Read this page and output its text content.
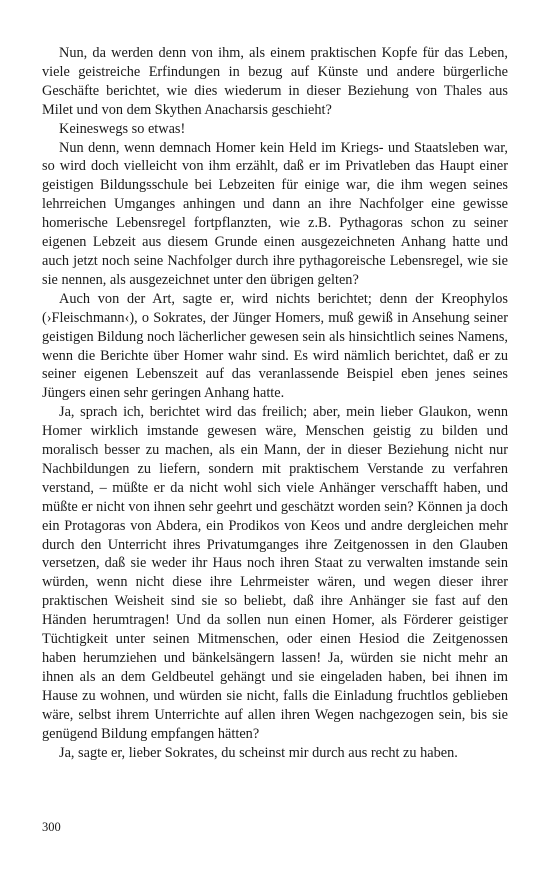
Nun, da werden denn von ihm, als einem praktischen Kopfe für das Leben, viele geistreiche Erfindungen in bezug auf Künste und andere bürgerliche Geschäfte berichtet, wie dies wiederum in dieser Beziehung von Thales aus Milet und von dem Skythen Anacharsis geschieht?

Keineswegs so etwas!

Nun denn, wenn demnach Homer kein Held im Kriegs- und Staatsleben war, so wird doch vielleicht von ihm erzählt, daß er im Privatleben das Haupt einer geistigen Bildungsschule bei Lebzeiten für einige war, die ihm wegen seines lehrreichen Umganges anhingen und dann an ihre Nachfolger eine gewisse homerische Lebensregel fortpflanzten, wie z.B. Pythagoras schon zu seiner eigenen Lebzeit aus diesem Grunde einen ausgezeichneten Anhang hatte und auch jetzt noch seine Nachfolger durch ihre pythagoreische Lebensregel, wie sie sie nennen, als ausgezeichnet unter den übrigen gelten?

Auch von der Art, sagte er, wird nichts berichtet; denn der Kreophylos (›Fleischmann‹), o Sokrates, der Jünger Homers, muß gewiß in Ansehung seiner geistigen Bildung noch lächerlicher gewesen sein als hinsichtlich seines Namens, wenn die Berichte über Homer wahr sind. Es wird nämlich berichtet, daß er zu seiner eigenen Lebenszeit auf das veranlassende Beispiel eben jenes seines Jüngers einen sehr geringen Anhang hatte.

Ja, sprach ich, berichtet wird das freilich; aber, mein lieber Glaukon, wenn Homer wirklich imstande gewesen wäre, Menschen geistig zu bilden und moralisch besser zu machen, als ein Mann, der in dieser Beziehung nicht nur Nachbildungen zu liefern, sondern mit praktischem Verstande zu verfahren verstand, – müßte er da nicht wohl sich viele Anhänger verschafft haben, und müßte er nicht von ihnen sehr geehrt und geschätzt worden sein? Können ja doch ein Protagoras von Abdera, ein Prodikos von Keos und andre dergleichen mehr durch den Unterricht ihres Privatumganges ihre Zeitgenossen in den Glauben versetzen, daß sie weder ihr Haus noch ihren Staat zu verwalten imstande sein würden, wenn nicht diese ihre Lehrmeister wären, und wegen dieser ihrer praktischen Weisheit sind sie so beliebt, daß ihre Anhänger sie fast auf den Händen herumtragen! Und da sollen nun einen Homer, als Förderer geistiger Tüchtigkeit unter seinen Mitmenschen, oder einen Hesiod die Zeitgenossen haben herumziehen und bänkelsängern lassen! Ja, würden sie nicht mehr an ihnen als an dem Geldbeutel gehängt und sie eingeladen haben, bei ihnen im Hause zu wohnen, und würden sie nicht, falls die Einladung fruchtlos geblieben wäre, selbst ihrem Unterrichte auf allen ihren Wegen nachgezogen sein, bis sie genügend Bildung empfangen hätten?

Ja, sagte er, lieber Sokrates, du scheinst mir durch aus recht zu haben.

300
